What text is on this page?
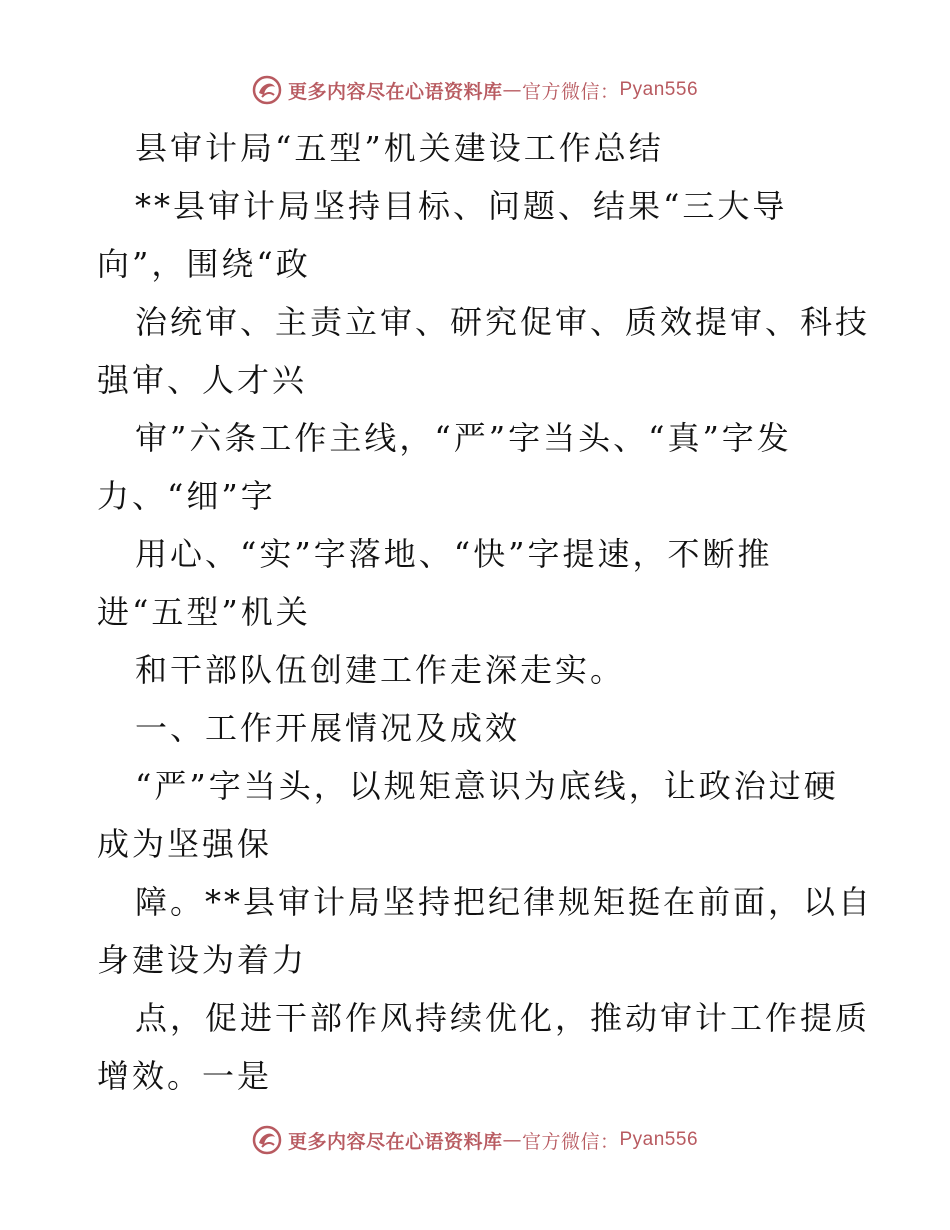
更多内容尽在心语资料库 — 官方微信： Pyan556
县审计局“五型”机关建设工作总结
**县审计局坚持目标、问题、结果“三大导
向”，围绕“政
治统审、主责立审、研究促审、质效提审、科技
强审、人才兴
审”六条工作主线，“严”字当头、“真”字发
力、“细”字
用心、“实”字落地、“快”字提速，不断推
进“五型”机关
和干部队伍创建工作走深走实。
一、工作开展情况及成效
“严”字当头，以规矩意识为底线，让政治过硬
成为坚强保
障。**县审计局坚持把纪律规矩挺在前面，以自
身建设为着力
点，促进干部作风持续优化，推动审计工作提质
增效。一是
更多内容尽在心语资料库 — 官方微信： Pyan556
